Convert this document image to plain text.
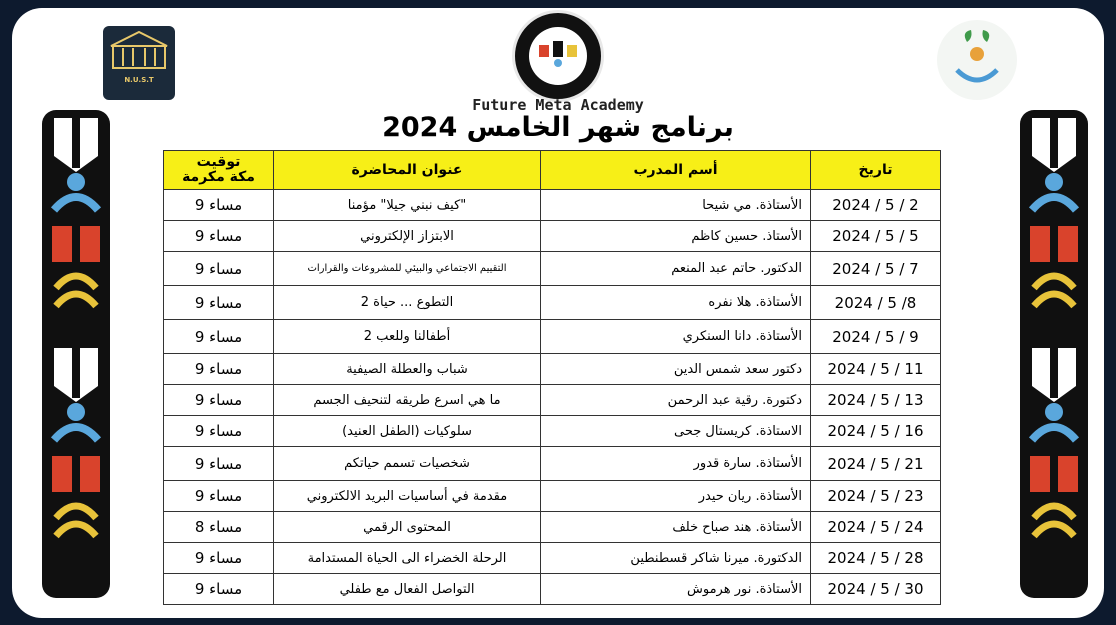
N.U.S.T
Future Meta Academy
برنامج شهر الخامس 2024
تاريخ	أسم المدرب	عنوان المحاضرة	توقيت
مكة مكرمة

2024 / 5 / 2	الأستاذة. مي شيحا	"كيف نبني جيلا" مؤمنا	9 مساء
2024 / 5 / 5	الأستاذ. حسين كاظم	الابتزاز الإلكتروني	9 مساء
2024 / 5 / 7	الدكتور. حاتم عبد المنعم	التقييم الاجتماعي والبيئي للمشروعات والقرارات	9 مساء
2024 / 5 /8	الأستاذة. هلا نفره	التطوع ... حياة 2	9 مساء
2024 / 5 / 9	الأستاذة. دانا السنكري	أطفالنا وللعب 2	9 مساء
2024 / 5 / 11	دكتور سعد شمس الدين	شباب والعطلة الصيفية	9 مساء
2024 / 5 / 13	دكتورة. رقية عبد الرحمن	ما هي اسرع طريقه لتنحيف الجسم	9 مساء
2024 / 5 / 16	الاستاذة. كريستال جحى	سلوكيات (الطفل العنيد)	9 مساء
2024 / 5 / 21	الأستاذة. سارة قدور	شخصيات تسمم حياتكم	9 مساء
2024 / 5 / 23	الأستاذة. ريان حيدر	مقدمة في أساسيات البريد الالكتروني	9 مساء
2024 / 5 / 24	الأستاذة. هند صباح خلف	المحتوى الرقمي	8 مساء
2024 / 5 / 28	الدكتورة. ميرنا شاكر قسطنطين	الرحلة الخضراء الى الحياة المستدامة	9 مساء
2024 / 5 / 30	الأستاذة. نور هرموش	التواصل الفعال مع طفلي	9 مساء
